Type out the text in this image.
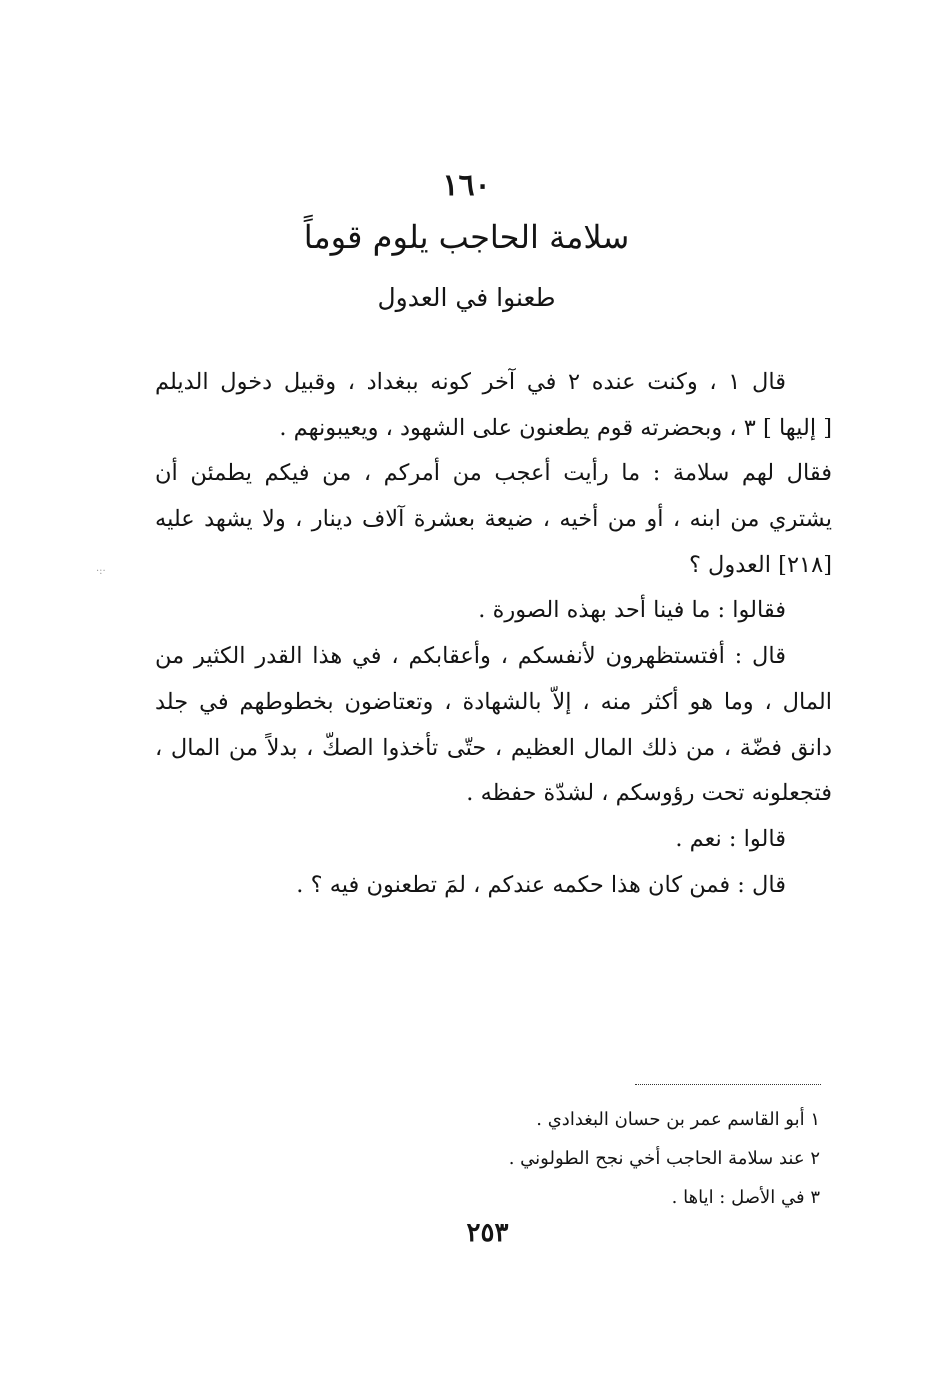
١٦٠
سلامة الحاجب يلوم قوماً
طعنوا في العدول
قال ١ ، وكنت عنده ٢ في آخر كونه ببغداد ، وقبيل دخول الديلم
[ إليها ] ٣ ، وبحضرته قوم يطعنون على الشهود ، ويعيبونهم .
فقال لهم سلامة : ما رأيت أعجب من أمركم ، من فيكم يطمئن أن
يشتري من ابنه ، أو من أخيه ، ضيعة بعشرة آلاف دينار ، ولا يشهد عليه
[٢١٨] العدول ؟
فقالوا : ما فينا أحد بهذه الصورة .
قال : أفتستظهرون لأنفسكم ، وأعقابكم ، في هذا القدر الكثير من
المال ، وما هو أكثر منه ، إلاّ بالشهادة ، وتعتاضون بخطوطهم في جلد
دانق فضّة ، من ذلك المال العظيم ، حتّى تأخذوا الصكّ ، بدلاً من المال ،
فتجعلونه تحت رؤوسكم ، لشدّة حفظه .
قالوا : نعم .
قال : فمن كان هذا حكمه عندكم ، لمَ تطعنون فيه ؟ .
·:·
١ أبو القاسم عمر بن حسان البغدادي .
٢ عند سلامة الحاجب أخي نجح الطولوني .
٣ في الأصل : اياها .
٢٥٣
